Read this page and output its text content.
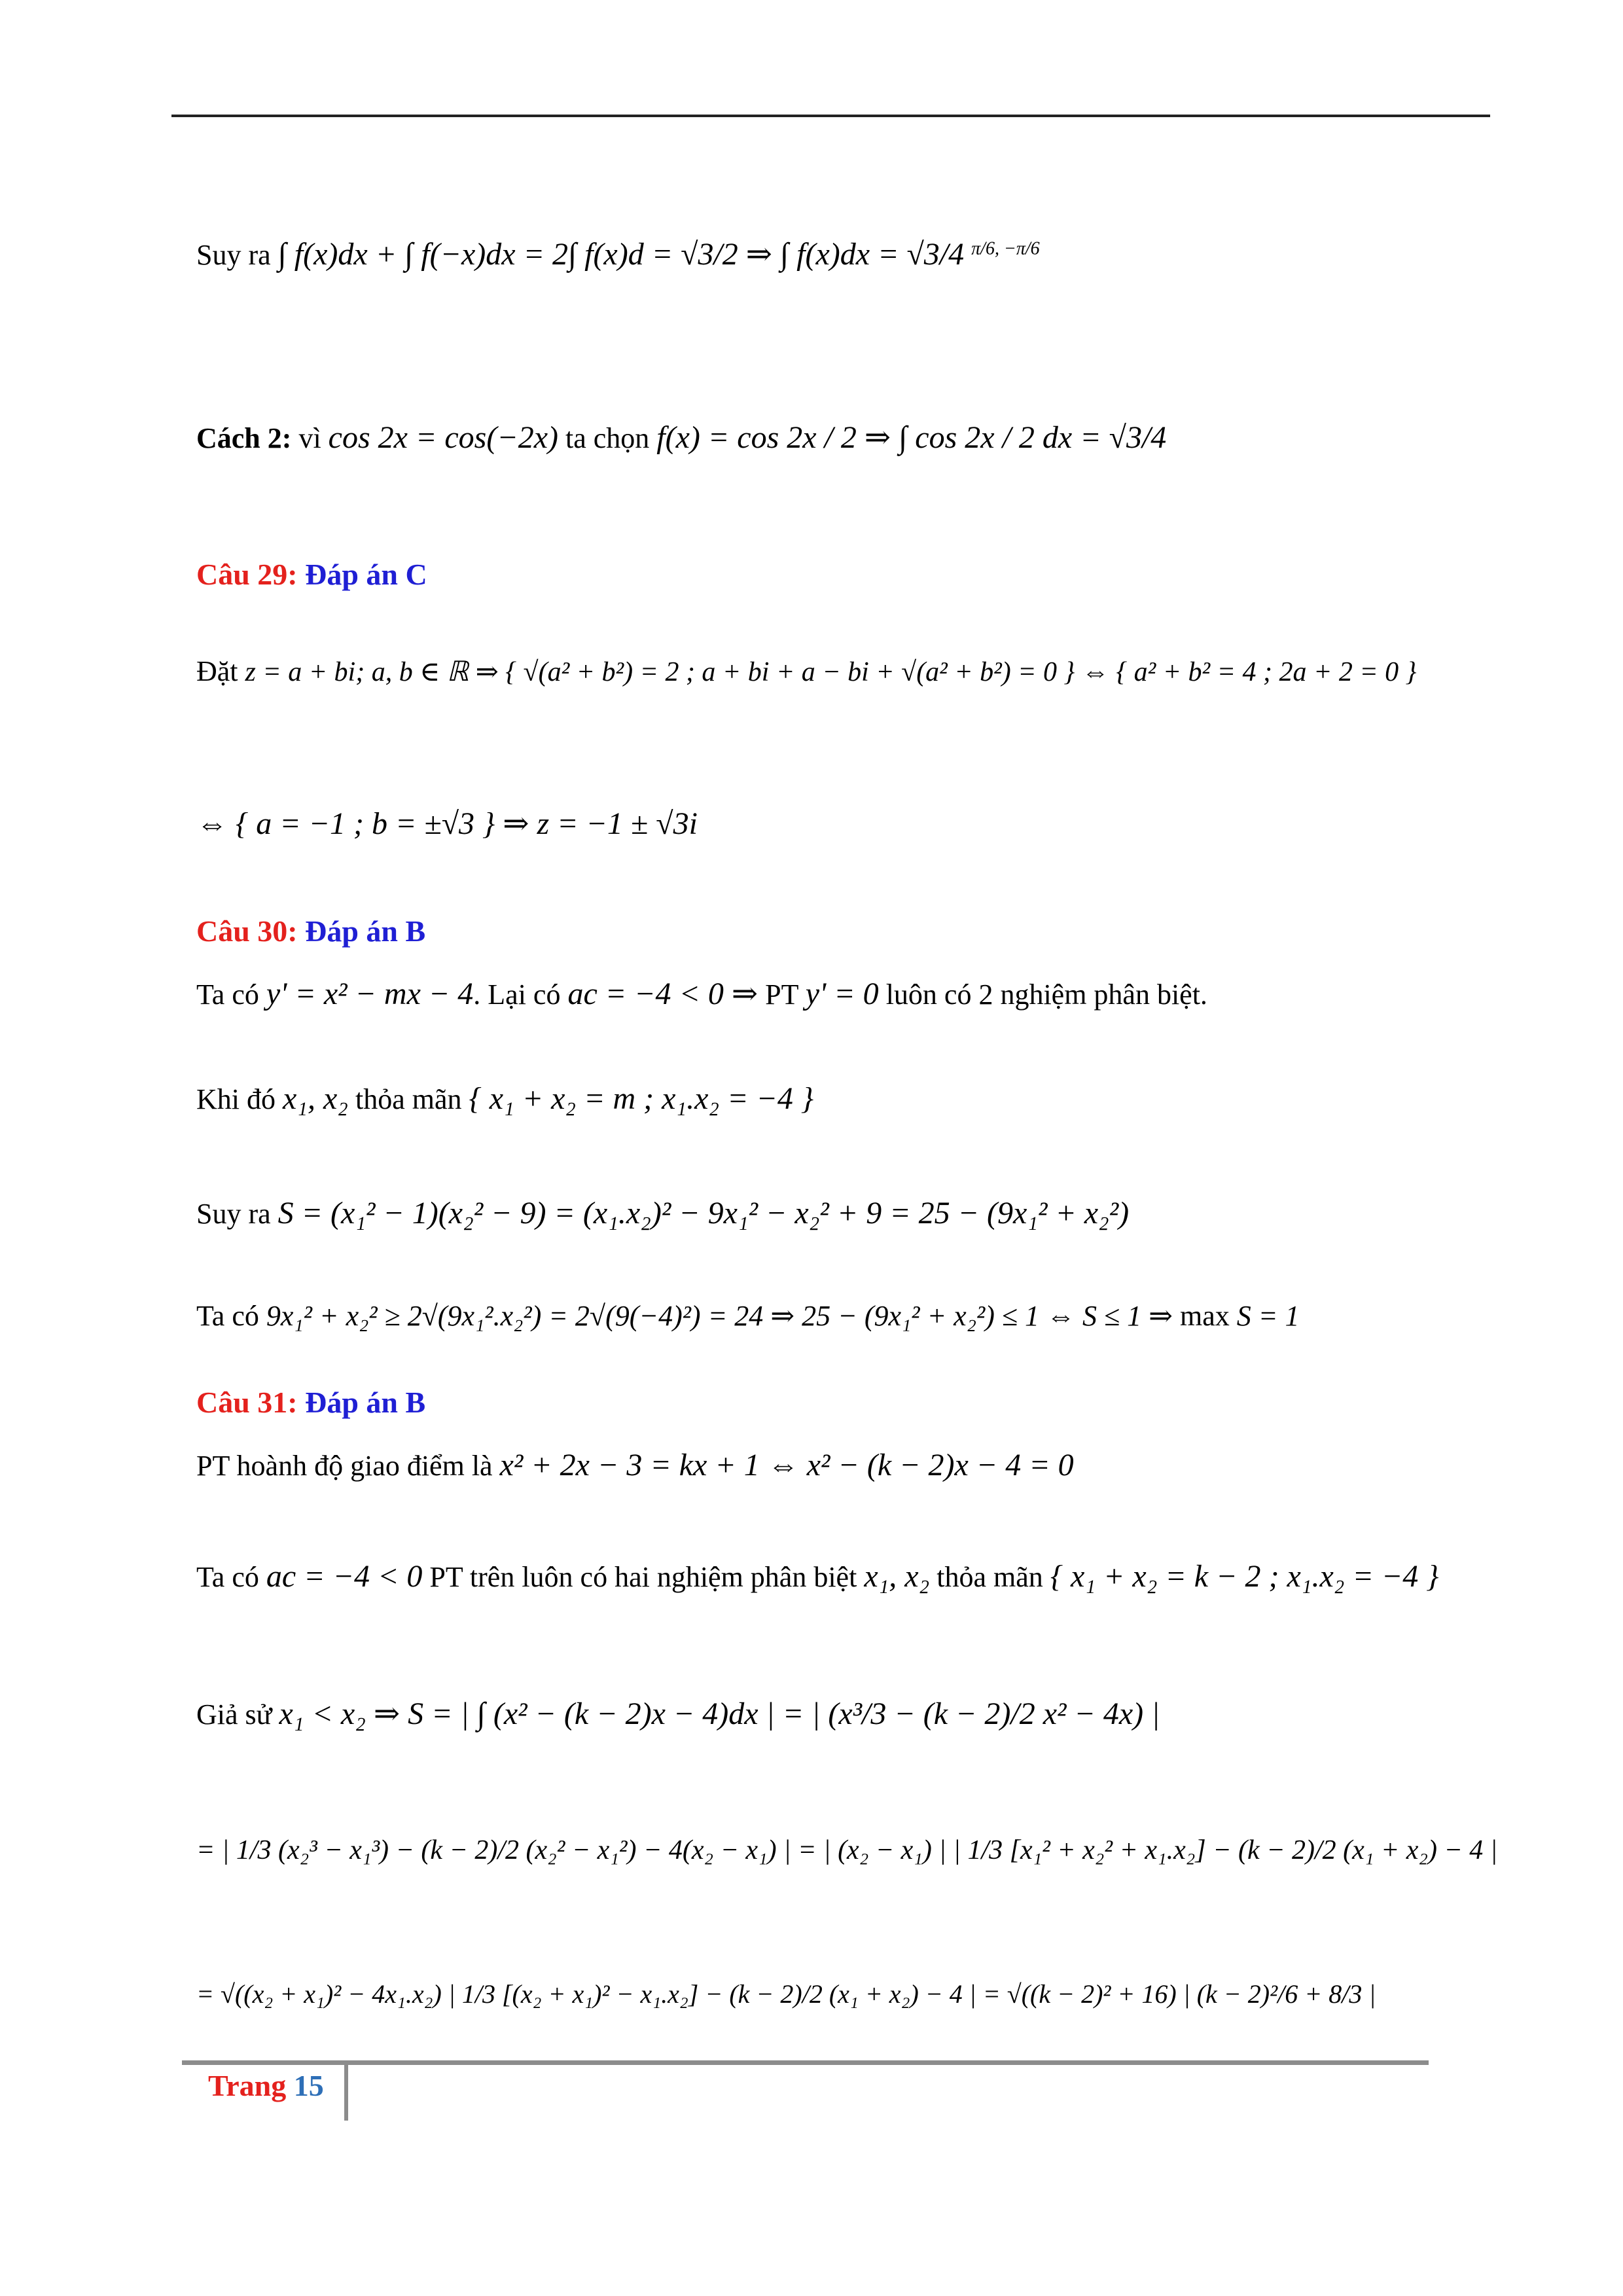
Suy ra ∫ f(x)dx + ∫ f(−x)dx = 2∫ f(x)d = √3/2 ⇒ ∫ f(x)dx = √3/4 $^{\pi/6, -\pi/6}$
Cách 2: vì cos 2x = cos(−2x) ta chọn f(x) = cos 2x / 2 ⇒ ∫ cos 2x / 2 dx = √3/4
Câu 29: Đáp án C
Đặt z = a + bi; a, b ∈ ℝ ⇒ { √(a² + b²) = 2 ; a + bi + a − bi + √(a² + b²) = 0 } ⇔ { a² + b² = 4 ; 2a + 2 = 0 }
⇔ { a = −1 ; b = ±√3 } ⇒ z = −1 ± √3i
Câu 30: Đáp án B
Ta có y' = x² − mx − 4. Lại có ac = −4 < 0 ⇒ PT y' = 0 luôn có 2 nghiệm phân biệt.
Khi đó x₁, x₂ thỏa mãn { x₁ + x₂ = m ; x₁.x₂ = −4 }
Suy ra S = (x₁² − 1)(x₂² − 9) = (x₁.x₂)² − 9x₁² − x₂² + 9 = 25 − (9x₁² + x₂²)
Ta có 9x₁² + x₂² ≥ 2√(9x₁².x₂²) = 2√(9(−4)²) = 24 ⇒ 25 − (9x₁² + x₂²) ≤ 1 ⇔ S ≤ 1 ⇒ max S = 1
Câu 31: Đáp án B
PT hoành độ giao điểm là x² + 2x − 3 = kx + 1 ⇔ x² − (k − 2)x − 4 = 0
Ta có ac = −4 < 0 PT trên luôn có hai nghiệm phân biệt x₁, x₂ thỏa mãn { x₁ + x₂ = k − 2 ; x₁.x₂ = −4 }
Giả sử x₁ < x₂ ⇒ S = | ∫ (x² − (k − 2)x − 4)dx | = | (x³/3 − (k − 2)/2 x² − 4x) |
= | 1/3 (x₂³ − x₁³) − (k − 2)/2 (x₂² − x₁²) − 4(x₂ − x₁) | = | (x₂ − x₁) | | 1/3 [x₁² + x₂² + x₁.x₂] − (k − 2)/2 (x₁ + x₂) − 4 |
= √((x₂ + x₁)² − 4x₁.x₂) | 1/3 [(x₂ + x₁)² − x₁.x₂] − (k − 2)/2 (x₁ + x₂) − 4 | = √((k − 2)² + 16) | (k − 2)²/6 + 8/3 |
Trang 15
